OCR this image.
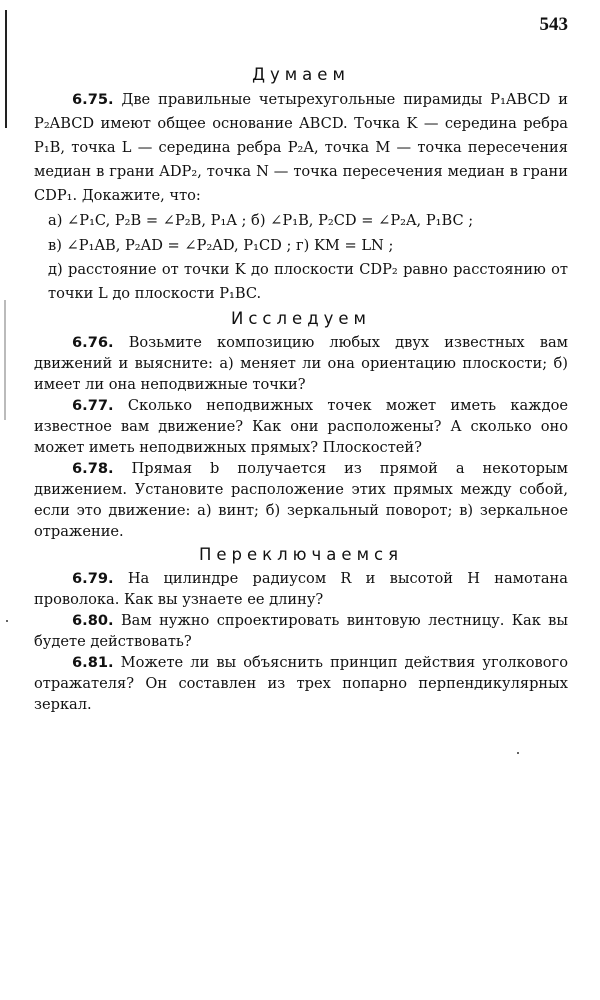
543

Думаем

6.75. Две правильные четырехугольные пирамиды P₁ABCD и P₂ABCD имеют общее основание ABCD. Точка K — середина ребра P₁B, точка L — середина ребра P₂A, точка M — точка пересечения медиан в грани ADP₂, точка N — точка пересечения медиан в грани CDP₁. Докажите, что:

а) ∠P₁C, P₂B = ∠P₂B, P₁A ; б) ∠P₁B, P₂CD = ∠P₂A, P₁BC ;

в) ∠P₁AB, P₂AD = ∠P₂AD, P₁CD ; г) KM = LN ;

д) расстояние от точки K до плоскости CDP₂ равно расстоянию от точки L до плоскости P₁BC.

Исследуем

6.76. Возьмите композицию любых двух известных вам движений и выясните: а) меняет ли она ориентацию плоскости; б) имеет ли она неподвижные точки?

6.77. Сколько неподвижных точек может иметь каждое известное вам движение? Как они расположены? А сколько оно может иметь неподвижных прямых? Плоскостей?

6.78. Прямая b получается из прямой a некоторым движением. Установите расположение этих прямых между собой, если это движение: а) винт; б) зеркальный поворот; в) зеркальное отражение.

Переключаемся

6.79. На цилиндре радиусом R и высотой H намотана проволока. Как вы узнаете ее длину?

6.80. Вам нужно спроектировать винтовую лестницу. Как вы будете действовать?

6.81. Можете ли вы объяснить принцип действия уголкового отражателя? Он составлен из трех попарно перпендикулярных зеркал.
